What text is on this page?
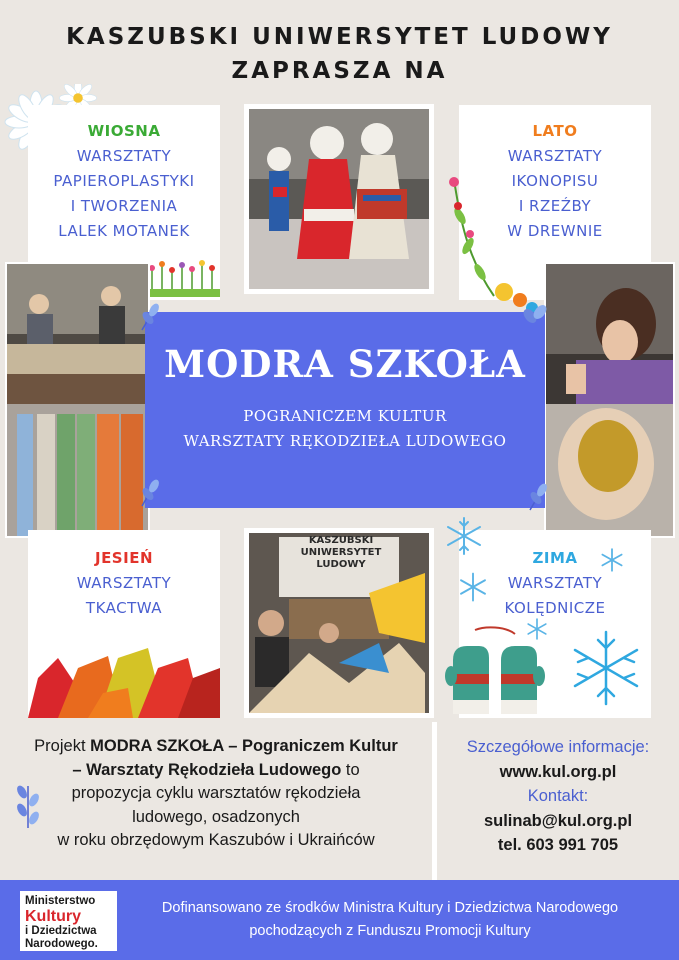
KASZUBSKI UNIWERSYTET LUDOWY
ZAPRASZA NA
WIOSNA
WARSZTATY
PAPIEROPLASTYKI
I TWORZENIA
LALEK MOTANEK
LATO
WARSZTATY
IKONOPISU
I RZEŹBY
W DREWNIE
MODRA SZKOŁA
POGRANICZEM KULTUR
WARSZTATY RĘKODZIEŁA LUDOWEGO
JESIEŃ
WARSZTATY
TKACTWA
KASZUBSKI
UNIWERSYTET
LUDOWY	ZIMA
WARSZTATY
KOLĘDNICZE
Projekt MODRA SZKOŁA – Pograniczem Kultur
– Warsztaty Rękodzieła Ludowego to
propozycja cyklu warsztatów rękodzieła
ludowego, osadzonych
w roku obrzędowym Kaszubów i Ukraińców
Szczegółowe informacje:
www.kul.org.pl
Kontakt:
sulinab@kul.org.pl
tel. 603 991 705
Ministerstwo
Kultury
i Dziedzictwa
Narodowego.
Dofinansowano ze środków Ministra Kultury i Dziedzictwa Narodowego
pochodzących z Funduszu Promocji Kultury
